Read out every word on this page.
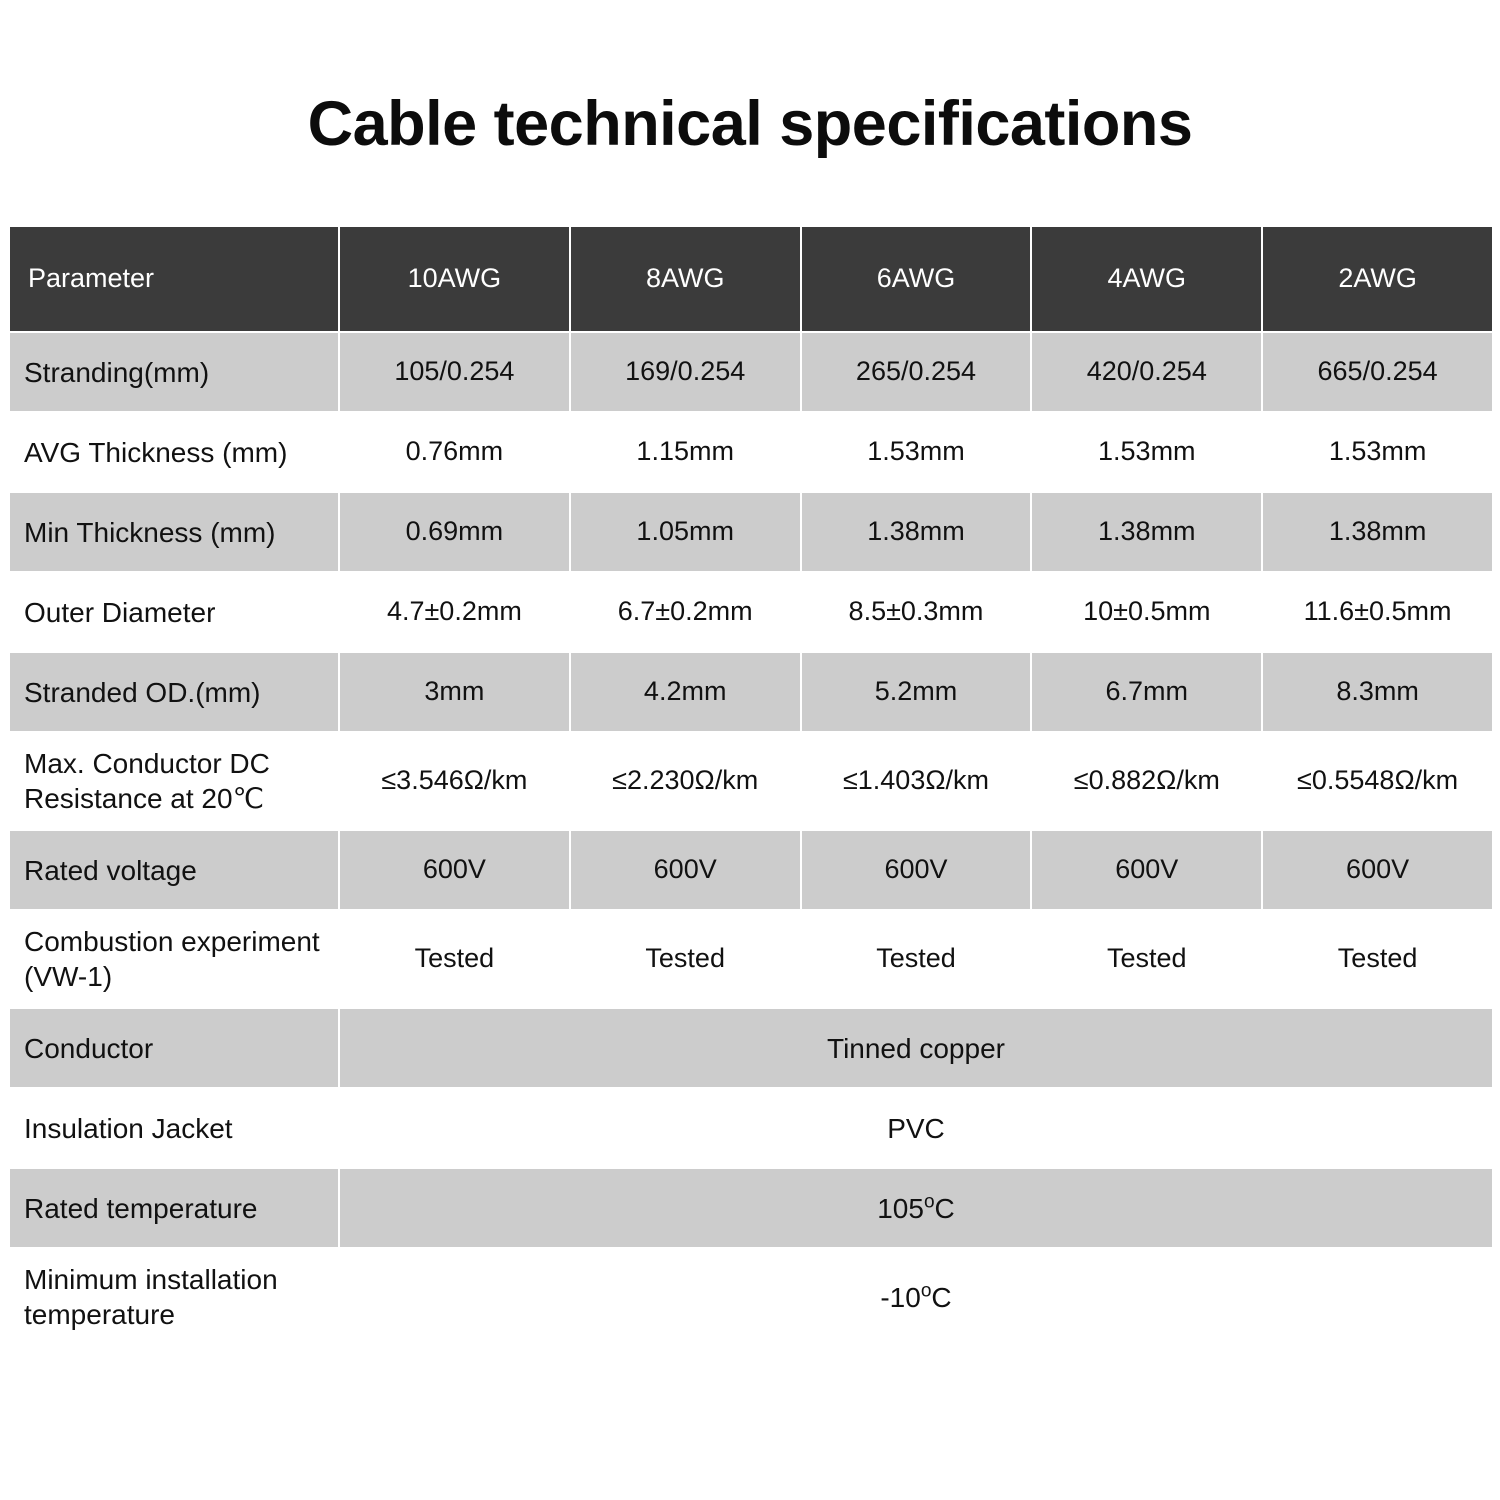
Cable technical specifications
Parameter	10AWG	8AWG	6AWG	4AWG	2AWG
Stranding(mm)	105/0.254	169/0.254	265/0.254	420/0.254	665/0.254
AVG Thickness (mm)	0.76mm	1.15mm	1.53mm	1.53mm	1.53mm
Min Thickness (mm)	0.69mm	1.05mm	1.38mm	1.38mm	1.38mm
Outer Diameter	4.7±0.2mm	6.7±0.2mm	8.5±0.3mm	10±0.5mm	11.6±0.5mm
Stranded OD.(mm)	3mm	4.2mm	5.2mm	6.7mm	8.3mm
Max. Conductor DC Resistance at 20℃	≤3.546Ω/km	≤2.230Ω/km	≤1.403Ω/km	≤0.882Ω/km	≤0.5548Ω/km
Rated voltage	600V	600V	600V	600V	600V
Combustion experiment (VW-1)	Tested	Tested	Tested	Tested	Tested
Conductor	Tinned copper				
Insulation Jacket	PVC				
Rated temperature	105$^o$C				
Minimum installation temperature	-10$^o$C				
